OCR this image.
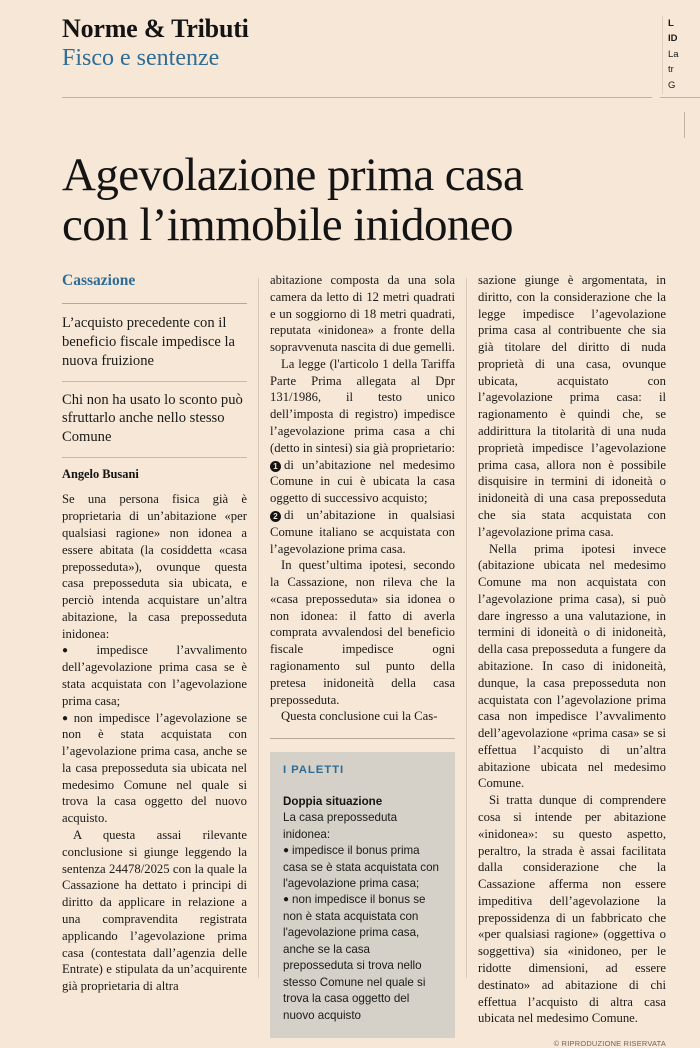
Norme & Tributi
Fisco e sentenze
L
ID
La
tr
G
Agevolazione prima casa
con l’immobile inidoneo
Cassazione
L’acquisto precedente con il beneficio fiscale impedisce la nuova fruizione
Chi non ha usato lo sconto può sfruttarlo anche nello stesso Comune
Angelo Busani

Se una persona fisica già è proprietaria di un’abitazione «per qualsiasi ragione» non idonea a essere abitata (la cosiddetta «casa preposseduta»), ovunque questa casa preposseduta sia ubicata, e perciò intenda acquistare un’altra abitazione, la casa preposseduta inidonea:

● impedisce l’avvalimento dell’agevolazione prima casa se è stata acquistata con l’agevolazione prima casa;

● non impedisce l’agevolazione se non è stata acquistata con l’agevolazione prima casa, anche se la casa preposseduta sia ubicata nel medesimo Comune nel quale si trova la casa oggetto del nuovo acquisto.

A questa assai rilevante conclusione si giunge leggendo la sentenza 24478/2025 con la quale la Cassazione ha dettato i principi di diritto da applicare in relazione a una compravendita registrata applicando l’agevolazione prima casa (contestata dall’agenzia delle Entrate) e stipulata da un’acquirente già proprietaria di altra

abitazione composta da una sola camera da letto di 12 metri quadrati e un soggiorno di 18 metri quadrati, reputata «inidonea» a fronte della sopravvenuta nascita di due gemelli.

La legge (l'articolo 1 della Tariffa Parte Prima allegata al Dpr 131/1986, il testo unico dell’imposta di registro) impedisce l’agevolazione prima casa a chi (detto in sintesi) sia già proprietario:

1 di un’abitazione nel medesimo Comune in cui è ubicata la casa oggetto di successivo acquisto;

2 di un’abitazione in qualsiasi Comune italiano se acquistata con l’agevolazione prima casa.

In quest’ultima ipotesi, secondo la Cassazione, non rileva che la «casa preposseduta» sia idonea o non idonea: il fatto di averla comprata avvalendosi del beneficio fiscale impedisce ogni ragionamento sul punto della pretesa inidoneità della casa preposseduta.

Questa conclusione cui la Cas-

I PALETTI
Doppia situazione

La casa preposseduta inidonea:

● impedisce il bonus prima casa se è stata acquistata con l'agevolazione prima casa;

● non impedisce il bonus se non è stata acquistata con l'agevolazione prima casa, anche se la casa preposseduta si trova nello stesso Comune nel quale si trova la casa oggetto del nuovo acquisto

sazione giunge è argomentata, in diritto, con la considerazione che la legge impedisce l’agevolazione prima casa al contribuente che sia già titolare del diritto di nuda proprietà di una casa, ovunque ubicata, acquistato con l’agevolazione prima casa: il ragionamento è quindi che, se addirittura la titolarità di una nuda proprietà impedisce l’agevolazione prima casa, allora non è possibile disquisire in termini di idoneità o inidoneità di una casa preposseduta che sia stata acquistata con l’agevolazione prima casa.

Nella prima ipotesi invece (abitazione ubicata nel medesimo Comune ma non acquistata con l’agevolazione prima casa), si può dare ingresso a una valutazione, in termini di idoneità o di inidoneità, della casa preposseduta a fungere da abitazione. In caso di inidoneità, dunque, la casa preposseduta non acquistata con l’agevolazione prima casa non impedisce l’avvalimento dell’agevolazione «prima casa» se si effettua l’acquisto di un’altra abitazione ubicata nel medesimo Comune.

Si tratta dunque di comprendere cosa si intende per abitazione «inidonea»: su questo aspetto, peraltro, la strada è assai facilitata dalla considerazione che la Cassazione afferma non essere impeditiva dell’agevolazione la prepossidenza di un fabbricato che «per qualsiasi ragione» (oggettiva o soggettiva) sia «inidoneo, per le ridotte dimensioni, ad essere destinato» ad abitazione di chi effettua l’acquisto di altra casa ubicata nel medesimo Comune.

© RIPRODUZIONE RISERVATA
